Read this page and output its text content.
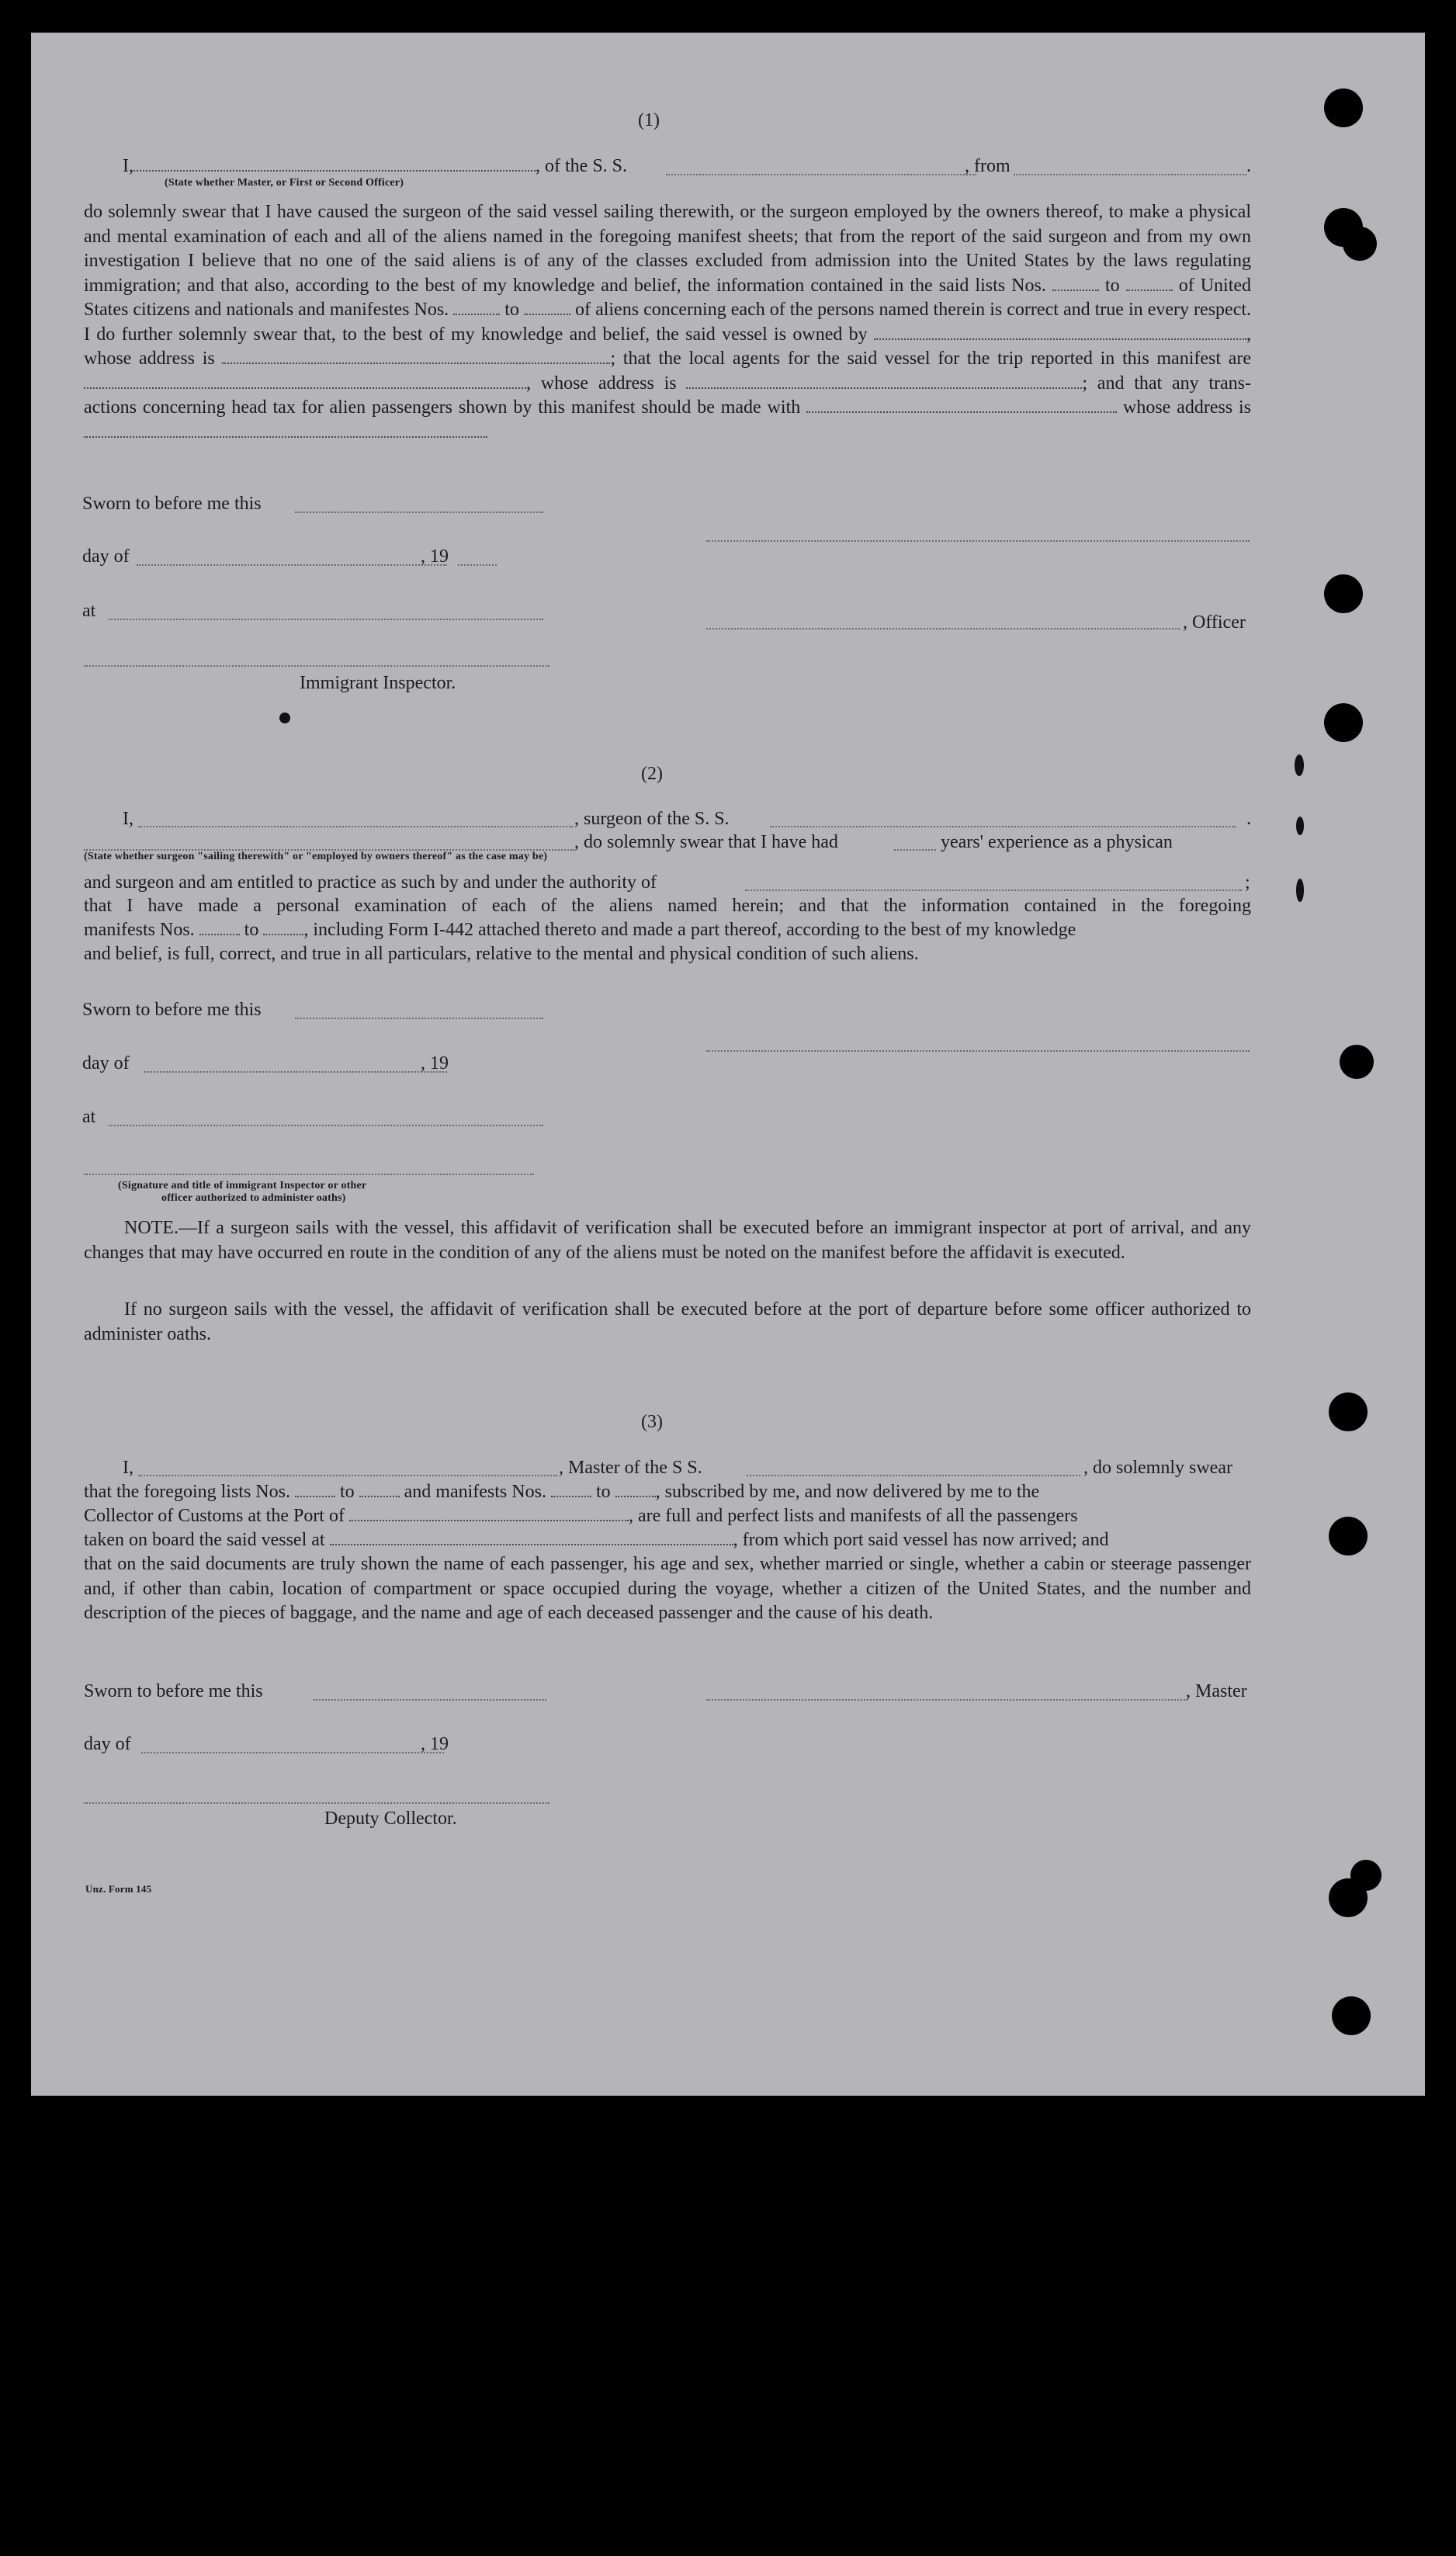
(1)

I,	, of the S. S.	, from	.

(State whether Master, or First or Second Officer)

do solemnly swear that I have caused the surgeon of the said vessel sailing therewith, or the surgeon employed by the owners thereof, to make a physical and mental examination of each and all of the aliens named in the foregoing manifest sheets; that from the report of the said surgeon and from my own investigation I believe that no one of the said aliens is of any of the classes excluded from admission into the United States by the laws regulating immigration; and that also, according to the best of my knowledge and belief, the information contained in the said lists Nos.	to	of United States citizens and nationals and manifestes Nos.	to	of aliens concerning each of the persons named therein is correct and true in every respect. I do further solemnly swear that, to the best of my knowledge and belief, the said vessel is owned by	, whose address is	; that the local agents for the said vessel for the trip reported in this manifest are , whose address is	; and that any trans- actions concerning head tax for alien passengers shown by this manifest should be made with	whose address is

Sworn to before me this

day of	, 19

at

, Officer

Immigrant Inspector.

(2)

I,	, surgeon of the S. S.	.

, do solemnly swear that I have had	years' experience as a physican

(State whether surgeon "sailing therewith" or "employed by owners thereof" as the case may be)

and surgeon and am entitled to practice as such by and under the authority of	;

that I have made a personal examination of each of the aliens named herein; and that the information contained in the foregoing

manifests Nos.	to , including Form I-442 attached thereto and made a part thereof, according to the best of my knowledge

and belief, is full, correct, and true in all particulars, relative to the mental and physical condition of such aliens.

Sworn to before me this

day of	, 19

at

(Signature and title of immigrant Inspector or other

officer authorized to administer oaths)

NOTE.—If a surgeon sails with the vessel, this affidavit of verification shall be executed before an immigrant inspector at port of arrival, and any changes that may have occurred en route in the condition of any of the aliens must be noted on the manifest before the affidavit is executed.

If no surgeon sails with the vessel, the affidavit of verification shall be executed before at the port of departure before some officer authorized to administer oaths.

(3)

I,	, Master of the S S.	, do solemnly swear

that the foregoing lists Nos.	to	and manifests Nos.	to , subscribed by me, and now delivered by me to the
Collector of Customs at the Port of	, are full and perfect lists and manifests of all the passengers
taken on board the said vessel at	, from which port said vessel has now arrived; and

that on the said documents are truly shown the name of each passenger, his age and sex, whether married or single, whether a cabin or steerage passenger and, if other than cabin, location of compartment or space occupied during the voyage, whether a citizen of the United States, and the number and description of the pieces of baggage, and the name and age of each deceased passenger and the cause of his death.

Sworn to before me this	, Master

day of	, 19

Deputy Collector.

Unz. Form 145
